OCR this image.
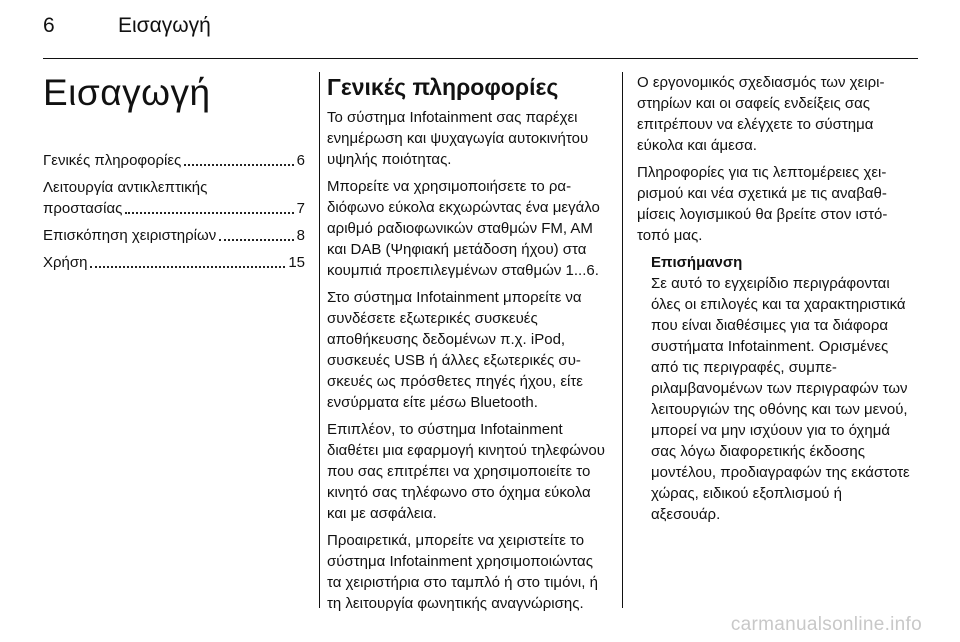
6	Εισαγωγή
Εισαγωγή
Γενικές πληροφορίες	6
Λειτουργία αντικλεπτικής
προστασίας	7
Επισκόπηση χειριστηρίων	8
Χρήση	15
Γενικές πληροφορίες

Το σύστημα Infotainment σας παρέχει ενημέρωση και ψυχαγωγία αυτοκινήτου υψηλής ποιότητας.

Μπορείτε να χρησιμοποιήσετε το ραδιόφωνο εύκολα εκχωρώντας ένα μεγάλο αριθμό ραδιοφωνικών σταθμών FM, AM και DAB (Ψηφιακή μετάδοση ήχου) στα κουμπιά προεπιλεγμένων σταθμών 1...6.

Στο σύστημα Infotainment μπορείτε να συνδέσετε εξωτερικές συσκευές αποθήκευσης δεδομένων π.χ. iPod, συσκευές USB ή άλλες εξωτερικές συσκευές ως πρόσθετες πηγές ήχου, είτε ενσύρματα είτε μέσω Bluetooth.

Επιπλέον, το σύστημα Infotainment διαθέτει μια εφαρμογή κινητού τηλεφώνου που σας επιτρέπει να χρησιμοποιείτε το κινητό σας τηλέφωνο στο όχημα εύκολα και με ασφάλεια.

Προαιρετικά, μπορείτε να χειριστείτε το σύστημα Infotainment χρησιμοποιώντας τα χειριστήρια στο ταμπλό ή στο τιμόνι, ή τη λειτουργία φωνητικής αναγνώρισης.

Ο εργονομικός σχεδιασμός των χειριστηρίων και οι σαφείς ενδείξεις σας επιτρέπουν να ελέγχετε το σύστημα εύκολα και άμεσα.

Πληροφορίες για τις λεπτομέρειες χειρισμού και νέα σχετικά με τις αναβαθμίσεις λογισμικού θα βρείτε στον ιστότοπό μας.

Επισήμανση
Σε αυτό το εγχειρίδιο περιγράφονται όλες οι επιλογές και τα χαρακτηριστικά που είναι διαθέσιμες για τα διάφορα συστήματα Infotainment. Ορισμένες από τις περιγραφές, συμπεριλαμβανομένων των περιγραφών των λειτουργιών της οθόνης και των μενού, μπορεί να μην ισχύουν για το όχημά σας λόγω διαφορετικής έκδοσης μοντέλου, προδιαγραφών της εκάστοτε χώρας, ειδικού εξοπλισμού ή αξεσουάρ.
carmanualsonline.info
